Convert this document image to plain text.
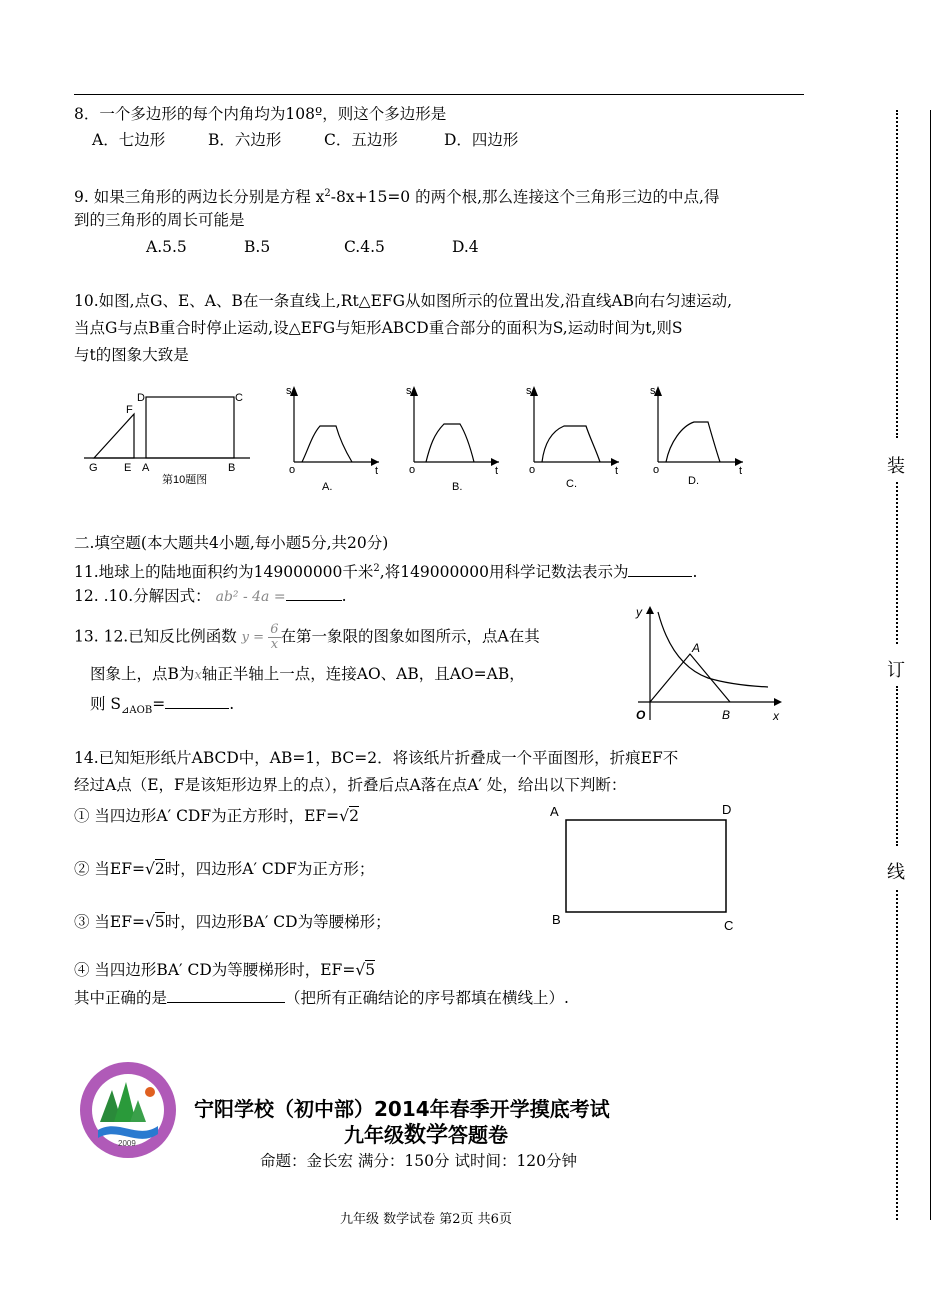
8．一个多边形的每个内角均为108º，则这个多边形是
A．七边形	B．六边形	C．五边形	D．四边形
9. 如果三角形的两边长分别是方程 $x^2-8x+15=0$ 的两个根,那么连接这个三角形三边的中点,得
到的三角形的周长可能是
A.5.5	B.5	C.4.5	D.4
10.如图,点G、E、A、B在一条直线上,Rt△EFG从如图所示的位置出发,沿直线AB向右匀速运动,
当点G与点B重合时停止运动,设△EFG与矩形ABCD重合部分的面积为S,运动时间为t,则S
与t的图象大致是
G E A	B
C
D
F
第10题图
s
o	t
A.
s
o	t
B.
s
o	t
C.
s
o	t
D.
二.填空题(本大题共4小题,每小题5分,共20分)
11.地球上的陆地面积约为149000000千米$^2$,将149000000用科学记数法表示为	.
12. .10.分解因式： ab² - 4a =	.
13. 12.已知反比例函数 $y = \frac{6}{x}$ 在第一象限的图象如图所示，点A在其
图象上，点B为x轴正半轴上一点，连接AO、AB，且AO=AB，
则 $S_{⊿AOB}=$	.
y
x
O
A
B
14.已知矩形纸片ABCD中，AB=1，BC=2．将该纸片折叠成一个平面图形，折痕EF不
经过A点（E，F是该矩形边界上的点），折叠后点A落在点A′ 处，给出以下判断：
① 当四边形A′ CDF为正方形时，EF=√2
② 当EF=√2时，四边形A′ CDF为正方形；
③ 当EF=√5时，四边形BA′ CD为等腰梯形；
④ 当四边形BA′ CD为等腰梯形时，EF=√5
其中正确的是	（把所有正确结论的序号都填在横线上）.
A	D
B	C
2009
宁阳学校（初中部）2014年春季开学摸底考试
九年级数学答题卷
命题：金长宏 满分：150分 试时间：120分钟
九年级 数学试卷 第2页 共6页
装
订
线
